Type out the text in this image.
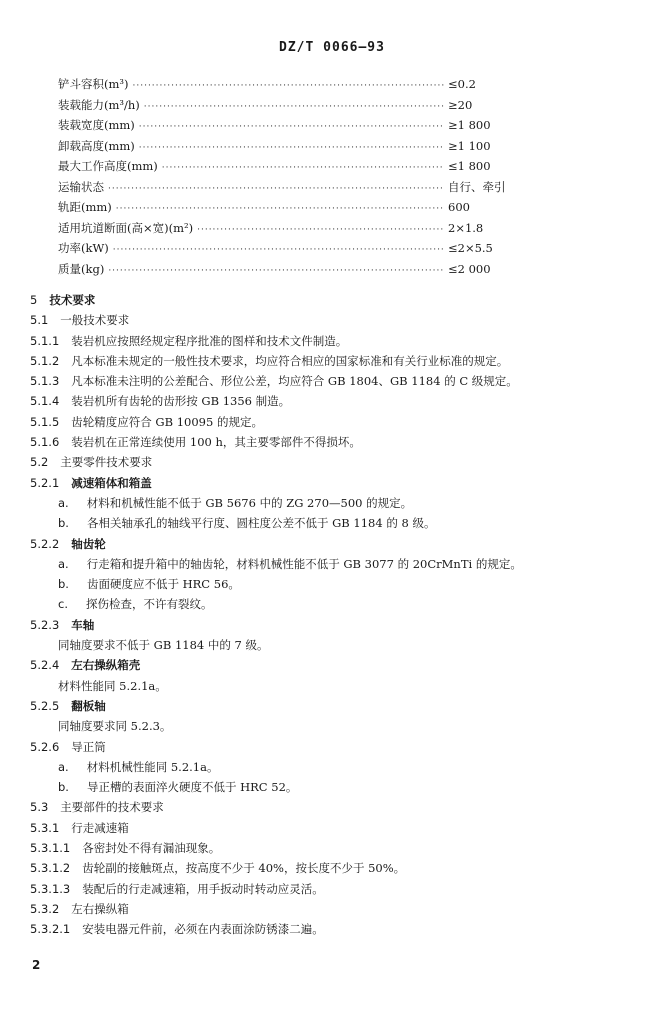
DZ/T 0066—93
铲斗容积(m³) ·····	≤0.2
装载能力(m³/h) ·····	≥20
装载宽度(mm) ·····	≥1 800
卸载高度(mm) ·····	≥1 100
最大工作高度(mm) ·····	≤1 800
运输状态 ·····	自行、牵引
轨距(mm) ·····	600
适用坑道断面(高×宽)(m²) ·····	2×1.8
功率(kW) ·····	≤2×5.5
质量(kg) ·····	≤2 000
5 技术要求
5.1 一般技术要求
5.1.1 装岩机应按照经规定程序批准的图样和技术文件制造。
5.1.2 凡本标准未规定的一般性技术要求，均应符合相应的国家标准和有关行业标准的规定。
5.1.3 凡本标准未注明的公差配合、形位公差，均应符合 GB 1804、GB 1184 的 C 级规定。
5.1.4 装岩机所有齿轮的齿形按 GB 1356 制造。
5.1.5 齿轮精度应符合 GB 10095 的规定。
5.1.6 装岩机在正常连续使用 100 h，其主要零部件不得损坏。
5.2 主要零件技术要求
5.2.1 减速箱体和箱盖
a. 材料和机械性能不低于 GB 5676 中的 ZG 270—500 的规定。
b. 各相关轴承孔的轴线平行度、圆柱度公差不低于 GB 1184 的 8 级。
5.2.2 轴齿轮
a. 行走箱和提升箱中的轴齿轮，材料机械性能不低于 GB 3077 的 20CrMnTi 的规定。
b. 齿面硬度应不低于 HRC 56。
c. 探伤检查，不许有裂纹。
5.2.3 车轴
同轴度要求不低于 GB 1184 中的 7 级。
5.2.4 左右操纵箱壳
材料性能同 5.2.1a。
5.2.5 翻板轴
同轴度要求同 5.2.3。
5.2.6 导正筒
a. 材料机械性能同 5.2.1a。
b. 导正槽的表面淬火硬度不低于 HRC 52。
5.3 主要部件的技术要求
5.3.1 行走减速箱
5.3.1.1 各密封处不得有漏油现象。
5.3.1.2 齿轮副的接触斑点，按高度不少于 40%，按长度不少于 50%。
5.3.1.3 装配后的行走减速箱，用手扳动时转动应灵活。
5.3.2 左右操纵箱
5.3.2.1 安装电器元件前，必须在内表面涂防锈漆二遍。
2
